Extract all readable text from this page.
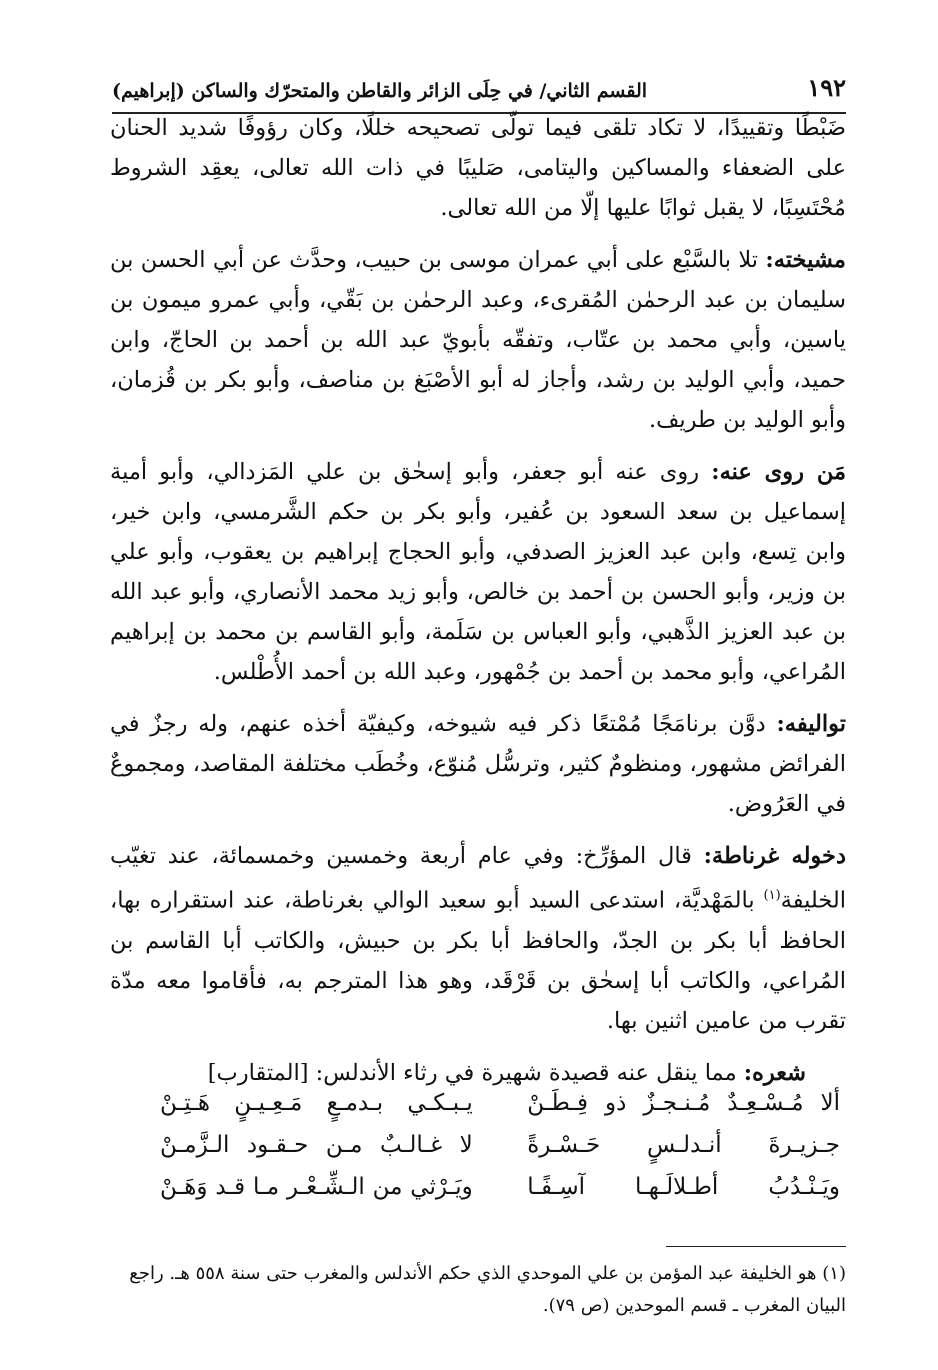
١٩٢
القسم الثاني/ في حِلَى الزائر والقاطن والمتحرّك والساكن (إبراهيم)

ضَبْطًا وتقييدًا، لا تكاد تلقى فيما تولّى تصحيحه خللًا، وكان رؤوفًا شديد الحنان على الضعفاء والمساكين واليتامى، صَليبًا في ذات الله تعالى، يعقِد الشروط مُحْتَسِبًا، لا يقبل ثوابًا عليها إلّا من الله تعالى.

مشيخته: تلا بالسَّبْع على أبي عمران موسى بن حبيب، وحدَّث عن أبي الحسن بن سليمان بن عبد الرحمٰن المُقرىء، وعبد الرحمٰن بن بَقّي، وأبي عمرو ميمون بن ياسين، وأبي محمد بن عتّاب، وتفقّه بأبويّ عبد الله بن أحمد بن الحاجّ، وابن حميد، وأبي الوليد بن رشد، وأجاز له أبو الأصْبَغ بن مناصف، وأبو بكر بن قُزمان، وأبو الوليد بن طريف.

مَن روى عنه: روى عنه أبو جعفر، وأبو إسحٰق بن علي المَزدالي، وأبو أمية إسماعيل بن سعد السعود بن عُفير، وأبو بكر بن حكم الشَّرمسي، وابن خير، وابن تِسع، وابن عبد العزيز الصدفي، وأبو الحجاج إبراهيم بن يعقوب، وأبو علي بن وزير، وأبو الحسن بن أحمد بن خالص، وأبو زيد محمد الأنصاري، وأبو عبد الله بن عبد العزيز الذَّهبي، وأبو العباس بن سَلَمة، وأبو القاسم بن محمد بن إبراهيم المُراعي، وأبو محمد بن أحمد بن جُمْهور، وعبد الله بن أحمد الأُطْلس.

تواليفه: دوَّن برنامَجًا مُمْتعًا ذكر فيه شيوخه، وكيفيّة أخذه عنهم، وله رجزٌ في الفرائض مشهور، ومنظومٌ كثير، وترسُّل مُنوّع، وخُطَب مختلفة المقاصد، ومجموعٌ في العَرُوض.

دخوله غرناطة: قال المؤرِّخ: وفي عام أربعة وخمسين وخمسمائة، عند تغيّب الخليفة$^{(١)}$ بالمَهْديَّة، استدعى السيد أبو سعيد الوالي بغرناطة، عند استقراره بها، الحافظ أبا بكر بن الجدّ، والحافظ أبا بكر بن حبيش، والكاتب أبا القاسم بن المُراعي، والكاتب أبا إسحٰق بن قَرْقَد، وهو هذا المترجم به، فأقاموا معه مدّة تقرب من عامين اثنين بها.

شعره: مما ينقل عنه قصيدة شهيرة في رثاء الأندلس: [المتقارب]

ألا مُـسْـعِـدٌ مُـنـجـزٌ ذو فِـطَـنْ
يـبـكـي بـدمـعٍ مَـعِـيـنٍ هَـتِـنْ
جـزيـرةَ أنـدلـسٍ حَـسْـرةً
لا غـالـبٌ مـن حـقـود الـزَّمـنْ
ويَـنْـدُبُ أطـلالَـهـا آسِـفًـا
ويَـرْثي من الـشِّـعْـر مـا قـد وَهَـنْ
(١) هو الخليفة عبد المؤمن بن علي الموحدي الذي حكم الأندلس والمغرب حتى سنة ٥٥٨ هـ. راجع البيان المغرب ـ قسم الموحدين (ص ٧٩).
